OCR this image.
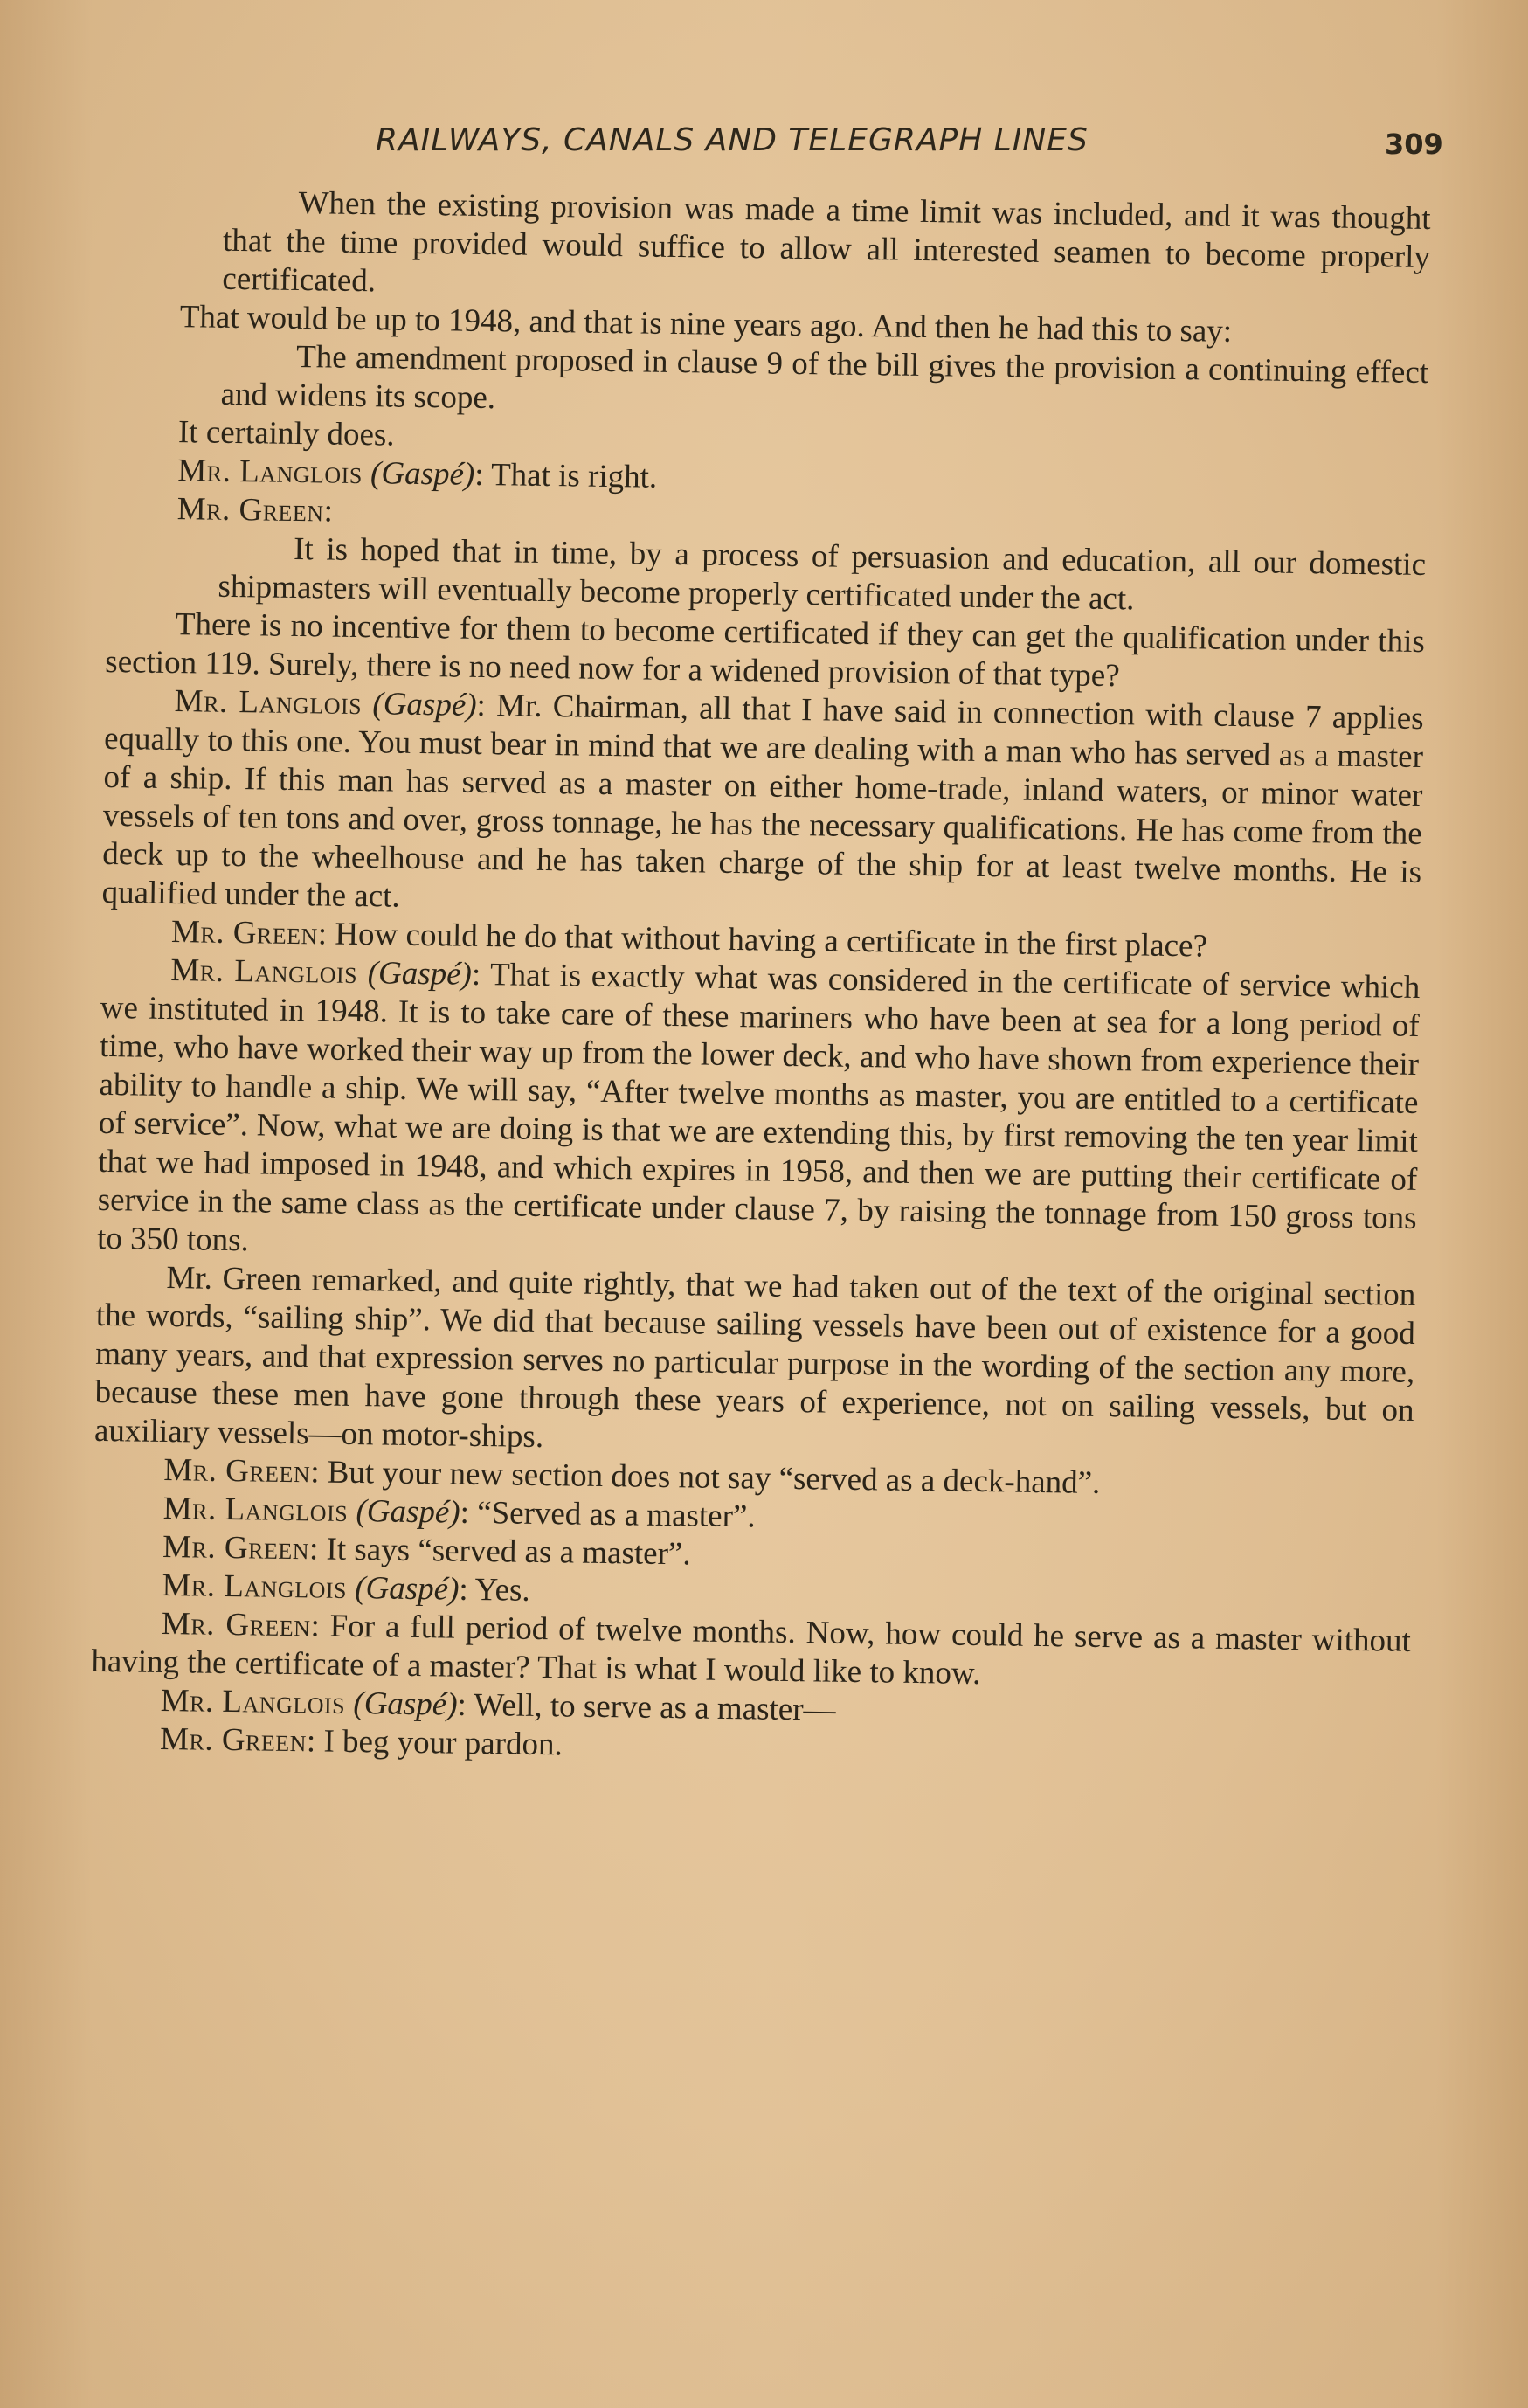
RAILWAYS, CANALS AND TELEGRAPH LINES	309

When the existing provision was made a time limit was included, and it was thought that the time provided would suffice to allow all interested seamen to become properly certificated.

That would be up to 1948, and that is nine years ago. And then he had this to say:

The amendment proposed in clause 9 of the bill gives the provision a continuing effect and widens its scope.

It certainly does.

Mr. Langlois (Gaspé): That is right.

Mr. Green:

It is hoped that in time, by a process of persuasion and education, all our domestic shipmasters will eventually become properly certificated under the act.

There is no incentive for them to become certificated if they can get the qualification under this section 119. Surely, there is no need now for a widened provision of that type?

Mr. Langlois (Gaspé): Mr. Chairman, all that I have said in connection with clause 7 applies equally to this one. You must bear in mind that we are dealing with a man who has served as a master of a ship. If this man has served as a master on either home-trade, inland waters, or minor water vessels of ten tons and over, gross tonnage, he has the necessary qualifications. He has come from the deck up to the wheelhouse and he has taken charge of the ship for at least twelve months. He is qualified under the act.

Mr. Green: How could he do that without having a certificate in the first place?

Mr. Langlois (Gaspé): That is exactly what was considered in the certificate of service which we instituted in 1948. It is to take care of these mariners who have been at sea for a long period of time, who have worked their way up from the lower deck, and who have shown from experience their ability to handle a ship. We will say, “After twelve months as master, you are entitled to a certificate of service”. Now, what we are doing is that we are extending this, by first removing the ten year limit that we had imposed in 1948, and which expires in 1958, and then we are putting their certificate of service in the same class as the certificate under clause 7, by raising the tonnage from 150 gross tons to 350 tons.

Mr. Green remarked, and quite rightly, that we had taken out of the text of the original section the words, “sailing ship”. We did that because sailing vessels have been out of existence for a good many years, and that expression serves no particular purpose in the wording of the section any more, because these men have gone through these years of experience, not on sailing vessels, but on auxiliary vessels—on motor-ships.

Mr. Green: But your new section does not say “served as a deck-hand”.

Mr. Langlois (Gaspé): “Served as a master”.

Mr. Green: It says “served as a master”.

Mr. Langlois (Gaspé): Yes.

Mr. Green: For a full period of twelve months. Now, how could he serve as a master without having the certificate of a master? That is what I would like to know.

Mr. Langlois (Gaspé): Well, to serve as a master—

Mr. Green: I beg your pardon.
